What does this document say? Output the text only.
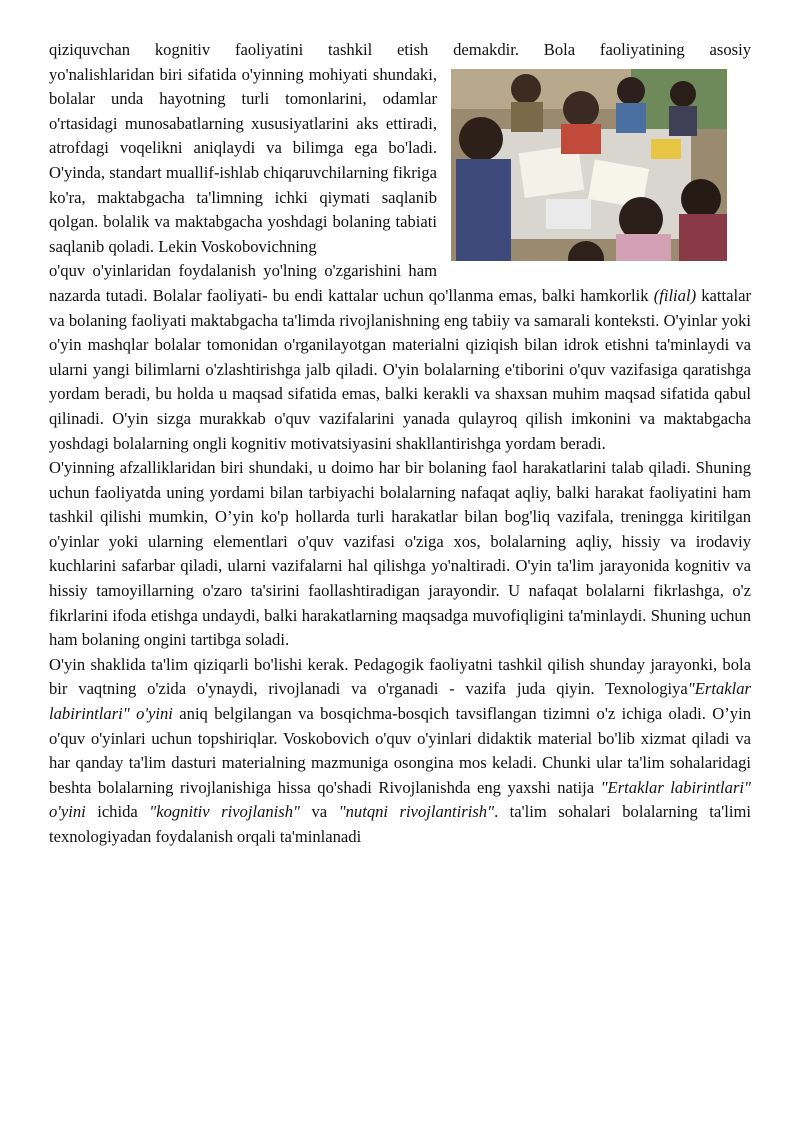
qiziquvchan kognitiv faoliyatini tashkil etish demakdir. Bola faoliyatining asosiy

yo'nalishlaridan biri sifatida o'yinning mohiyati shundaki, bolalar unda hayotning turli tomonlarini, odamlar o'rtasidagi munosabatlarning xususiyatlarini aks ettiradi, atrofdagi voqelikni aniqlaydi va bilimga ega bo'ladi. O'yinda, standart muallif-ishlab chiqaruvchilarning fikriga ko'ra, maktabgacha ta'limning ichki qiymati saqlanib qolgan. bolalik va maktabgacha yoshdagi bolaning tabiati saqlanib qoladi. Lekin Voskobovichning

o'quv o'yinlaridan foydalanish yo'lning o'zgarishini ham nazarda tutadi. Bolalar faoliyati- bu endi kattalar uchun qo'llanma emas, balki hamkorlik (filial) kattalar va bolaning faoliyati maktabgacha ta'limda rivojlanishning eng tabiiy va samarali konteksti. O'yinlar yoki o'yin mashqlar bolalar tomonidan o'rganilayotgan materialni qiziqish bilan idrok etishni ta'minlaydi va ularni yangi bilimlarni o'zlashtirishga jalb qiladi. O'yin bolalarning e'tiborini o'quv vazifasiga qaratishga yordam beradi, bu holda u maqsad sifatida emas, balki kerakli va shaxsan muhim maqsad sifatida qabul qilinadi. O'yin sizga murakkab o'quv vazifalarini yanada qulayroq qilish imkonini va maktabgacha yoshdagi bolalarning ongli kognitiv motivatsiyasini shakllantirishga yordam beradi.

O'yinning afzalliklaridan biri shundaki, u doimo har bir bolaning faol harakatlarini talab qiladi. Shuning uchun faoliyatda uning yordami bilan tarbiyachi bolalarning nafaqat aqliy, balki harakat faoliyatini ham tashkil qilishi mumkin, O’yin ko'p hollarda turli harakatlar bilan bog'liq vazifala, treningga kiritilgan o'yinlar yoki ularning elementlari o'quv vazifasi o'ziga xos, bolalarning aqliy, hissiy va irodaviy kuchlarini safarbar qiladi, ularni vazifalarni hal qilishga yo'naltiradi. O'yin ta'lim jarayonida kognitiv va hissiy tamoyillarning o'zaro ta'sirini faollashtiradigan jarayondir. U nafaqat bolalarni fikrlashga, o'z fikrlarini ifoda etishga undaydi, balki harakatlarning maqsadga muvofiqligini ta'minlaydi. Shuning uchun ham bolaning ongini tartibga soladi.

O'yin shaklida ta'lim qiziqarli bo'lishi kerak. Pedagogik faoliyatni tashkil qilish shunday jarayonki, bola bir vaqtning o'zida o'ynaydi, rivojlanadi va o'rganadi - vazifa juda qiyin. Texnologiya"Ertaklar labirintlari" o'yini aniq belgilangan va bosqichma-bosqich tavsiflangan tizimni o'z ichiga oladi. O’yin o'quv o'yinlari uchun topshiriqlar. Voskobovich o'quv o'yinlari didaktik material bo'lib xizmat qiladi va har qanday ta'lim dasturi materialning mazmuniga osongina mos keladi. Chunki ular ta'lim sohalaridagi beshta bolalarning rivojlanishiga hissa qo'shadi Rivojlanishda eng yaxshi natija "Ertaklar labirintlari" o'yini ichida "kognitiv rivojlanish" va "nutqni rivojlantirish". ta'lim sohalari bolalarning ta'limi texnologiyadan foydalanish orqali ta'minlanadi
